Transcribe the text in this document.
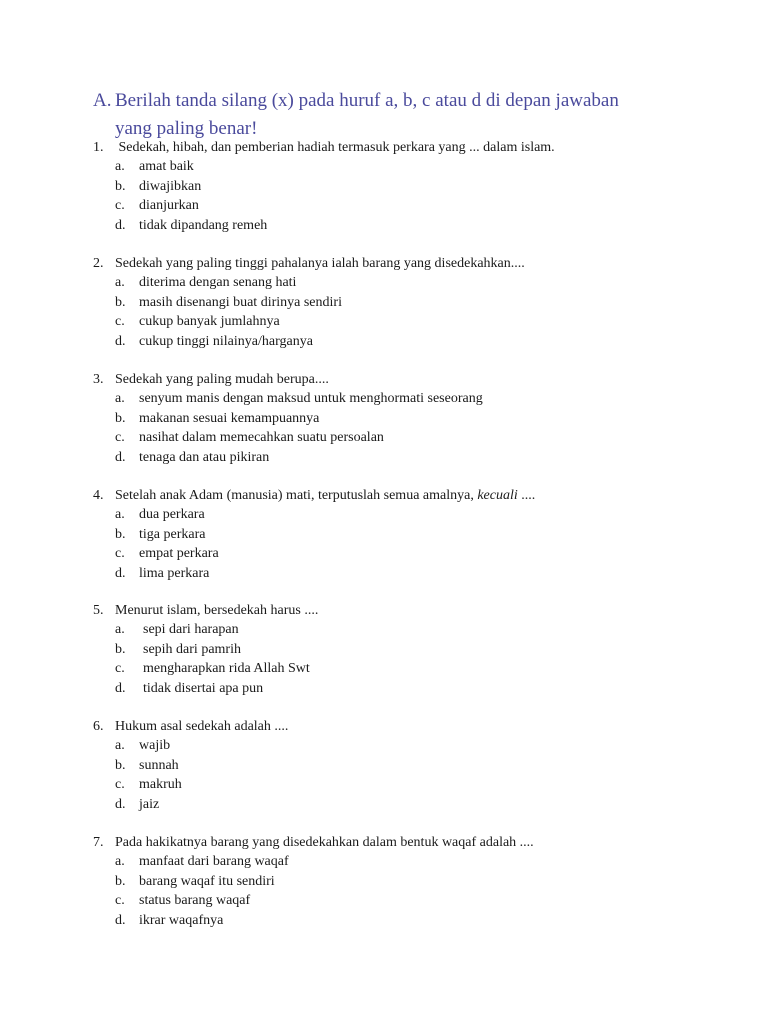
A. Berilah tanda silang (x) pada huruf a, b, c atau d di depan jawaban
yang paling benar!
1. Sedekah, hibah, dan pemberian hadiah termasuk perkara yang ... dalam islam.
a. amat baik
b. diwajibkan
c. dianjurkan
d. tidak dipandang remeh
2. Sedekah yang paling tinggi pahalanya ialah barang yang disedekahkan....
a. diterima dengan senang hati
b. masih disenangi buat dirinya sendiri
c. cukup banyak jumlahnya
d. cukup tinggi nilainya/harganya
3. Sedekah yang paling mudah berupa....
a. senyum manis dengan maksud untuk menghormati seseorang
b. makanan sesuai kemampuannya
c. nasihat dalam memecahkan suatu persoalan
d. tenaga dan atau pikiran
4. Setelah anak Adam (manusia) mati, terputuslah semua amalnya, kecuali ....
a. dua perkara
b. tiga perkara
c. empat perkara
d. lima perkara
5. Menurut islam, bersedekah harus ....
a. sepi dari harapan
b. sepih dari pamrih
c. mengharapkan rida Allah Swt
d. tidak disertai apa pun
6. Hukum asal sedekah adalah ....
a. wajib
b. sunnah
c. makruh
d. jaiz
7. Pada hakikatnya barang yang disedekahkan dalam bentuk waqaf adalah ....
a. manfaat dari barang waqaf
b. barang waqaf itu sendiri
c. status barang waqaf
d. ikrar waqafnya
